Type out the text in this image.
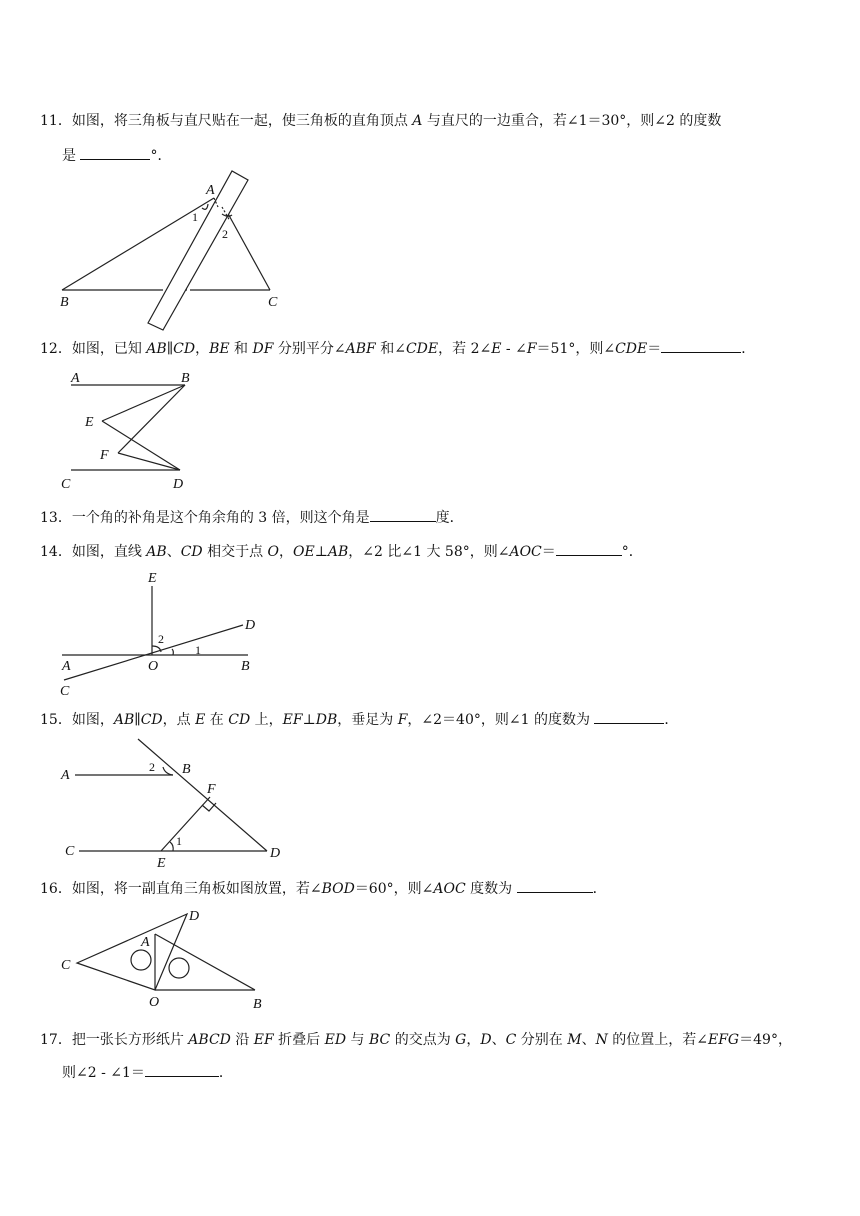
11．如图，将三角板与直尺贴在一起，使三角板的直角顶点 A 与直尺的一边重合，若∠1＝30°，则∠2 的度数
是	°．
A
1
2
B	C
12．如图，已知 AB∥CD，BE 和 DF 分别平分∠ABF 和∠CDE，若 2∠E - ∠F＝51°，则∠CDE＝	．
A	B
E
F
C	D
13．一个角的补角是这个角余角的 3 倍，则这个角是	度．
14．如图，直线 AB、CD 相交于点 O，OE⊥AB，∠2 比∠1 大 58°，则∠AOC＝	°．
E
D
2
1
A	O	B
C
15．如图，AB∥CD，点 E 在 CD 上，EF⊥DB，垂足为 F，∠2＝40°，则∠1 的度数为	．
A
2 B
F
1
C
E
D
16．如图，将一副直角三角板如图放置，若∠BOD＝60°，则∠AOC 度数为	．
D
A
C
O	B
17．把一张长方形纸片 ABCD 沿 EF 折叠后 ED 与 BC 的交点为 G，D、C 分别在 M、N 的位置上，若∠EFG＝49°，
则∠2 - ∠1＝	．
